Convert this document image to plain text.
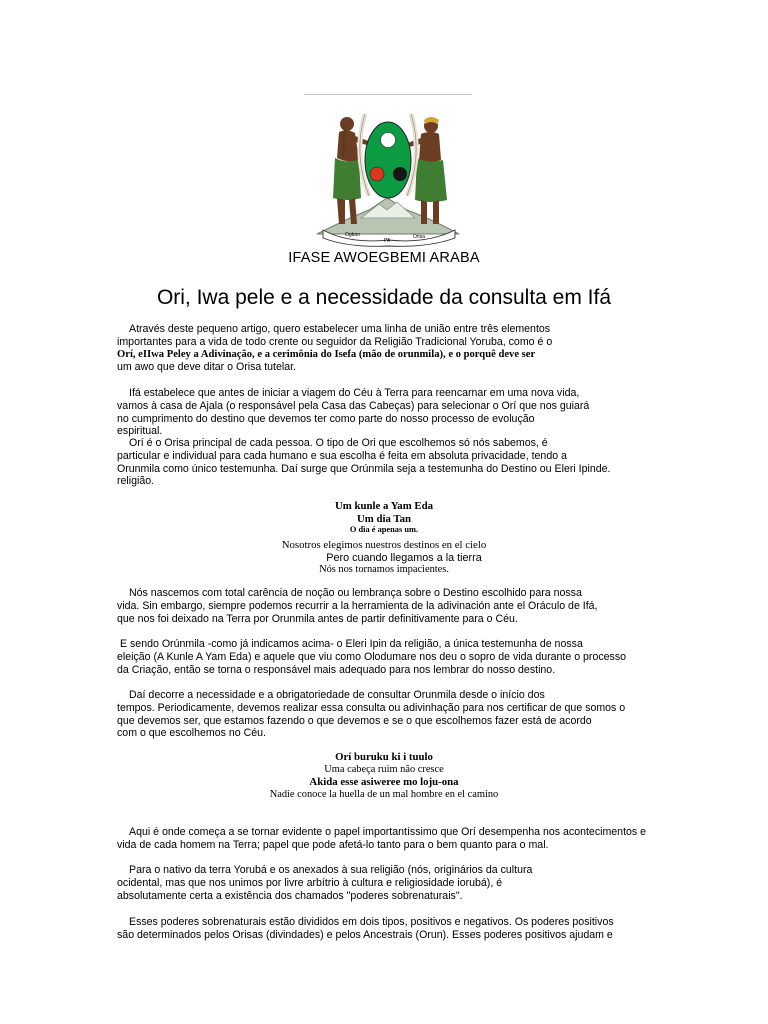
Ogbon
PA
Orisa
IFASE AWOEGBEMI ARABA
Ori, Iwa pele e a necessidade da consulta em Ifá
Através deste pequeno artigo, quero estabelecer uma linha de união entre três elementos
importantes para a vida de todo crente ou seguidor da Religião Tradicional Yoruba, como é o
Orí, eIIwa Peley a Adivinação, e a cerimônia do Isefa (mão de orunmila), e o porquê deve ser
um awo que deve ditar o Orisa tutelar.
Ifá estabelece que antes de iniciar a viagem do Céu à Terra para reencarnar em uma nova vida,
vamos à casa de Ajala (o responsável pela Casa das Cabeças) para selecionar o Orí que nos guiará
no cumprimento do destino que devemos ter como parte do nosso processo de evolução
espiritual.
Orí é o Orisa principal de cada pessoa. O tipo de Ori que escolhemos só nós sabemos, é
particular e individual para cada humano e sua escolha é feita em absoluta privacidade, tendo a
Orunmila como único testemunha. Daí surge que Orúnmila seja a testemunha do Destino ou Eleri Ipinde.
religião.
Um kunle a Yam Eda
Um dia Tan
O dia é apenas um.
Nosotros elegimos nuestros destinos en el cielo
Pero cuando llegamos a la tierra
Nós nos tornamos impacientes.
Nós nascemos com total carência de noção ou lembrança sobre o Destino escolhido para nossa
vida. Sin embargo, siempre podemos recurrir a la herramienta de la adivinación ante el Oráculo de Ifá,
que nos foi deixado na Terra por Orunmila antes de partir definitivamente para o Céu.
E sendo Orúnmila -como já indicamos acima- o Eleri Ipin da religião, a única testemunha de nossa
eleição (A Kunle A Yam Eda) e aquele que viu como Olodumare nos deu o sopro de vida durante o processo
da Criação, então se torna o responsável mais adequado para nos lembrar do nosso destino.
Daí decorre a necessidade e a obrigatoriedade de consultar Orunmila desde o início dos
tempos. Periodicamente, devemos realizar essa consulta ou adivinhação para nos certificar de que somos o
que devemos ser, que estamos fazendo o que devemos e se o que escolhemos fazer está de acordo
com o que escolhemos no Céu.
Orí buruku ki i tuulo
Uma cabeça ruim não cresce
Akida esse asiweree mo loju-ona
Nadie conoce la huella de un mal hombre en el camino
Aqui é onde começa a se tornar evidente o papel importantíssimo que Orí desempenha nos acontecimentos e
vida de cada homem na Terra; papel que pode afetá-lo tanto para o bem quanto para o mal.
Para o nativo da terra Yorubá e os anexados à sua religião (nós, originários da cultura
ocidental, mas que nos unimos por livre arbítrio à cultura e religiosidade iorubá), é
absolutamente certa a existência dos chamados "poderes sobrenaturais".
Esses poderes sobrenaturais estão divididos em dois tipos, positivos e negativos. Os poderes positivos
são determinados pelos Orisas (divindades) e pelos Ancestrais (Orun). Esses poderes positivos ajudam e
